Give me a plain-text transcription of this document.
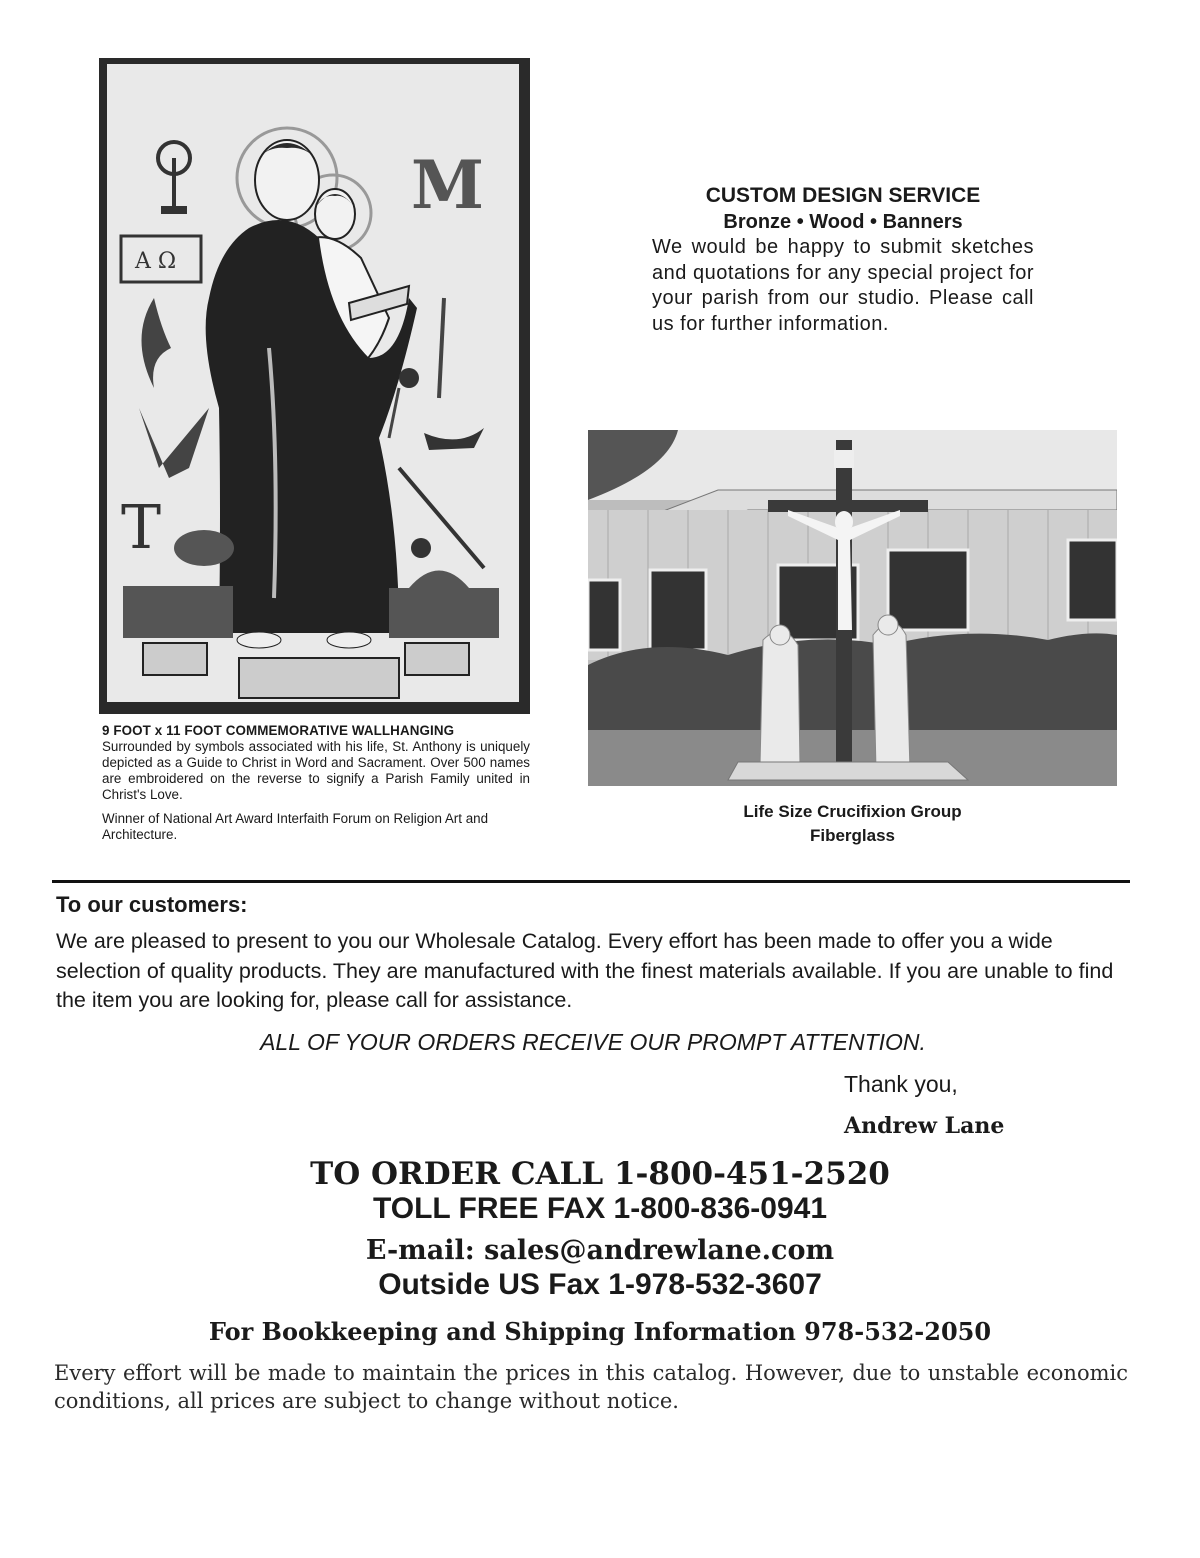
A Ω
M
T
9 FOOT x 11 FOOT COMMEMORATIVE WALLHANGING
Surrounded by symbols associated with his life, St. Anthony is uniquely depicted as a Guide to Christ in Word and Sacrament. Over 500 names are embroidered on the reverse to signify a Parish Family united in Christ's Love.
Winner of National Art Award Interfaith Forum on Religion Art and Architecture.
CUSTOM DESIGN SERVICE
Bronze • Wood • Banners
We would be happy to submit sketches and quotations for any special project for your parish from our studio. Please call us for further information.
Life Size Crucifixion Group
Fiberglass
To our customers:
We are pleased to present to you our Wholesale Catalog. Every effort has been made to offer you a wide selection of quality products. They are manufactured with the finest materials available. If you are unable to find the item you are looking for, please call for assistance.
ALL OF YOUR ORDERS RECEIVE OUR PROMPT ATTENTION.
Thank you,
Andrew Lane
TO ORDER CALL 1-800-451-2520
TOLL FREE FAX 1-800-836-0941
E-mail: sales@andrewlane.com
Outside US Fax 1-978-532-3607
For Bookkeeping and Shipping Information 978-532-2050
Every effort will be made to maintain the prices in this catalog. However, due to unstable economic conditions, all prices are subject to change without notice.
